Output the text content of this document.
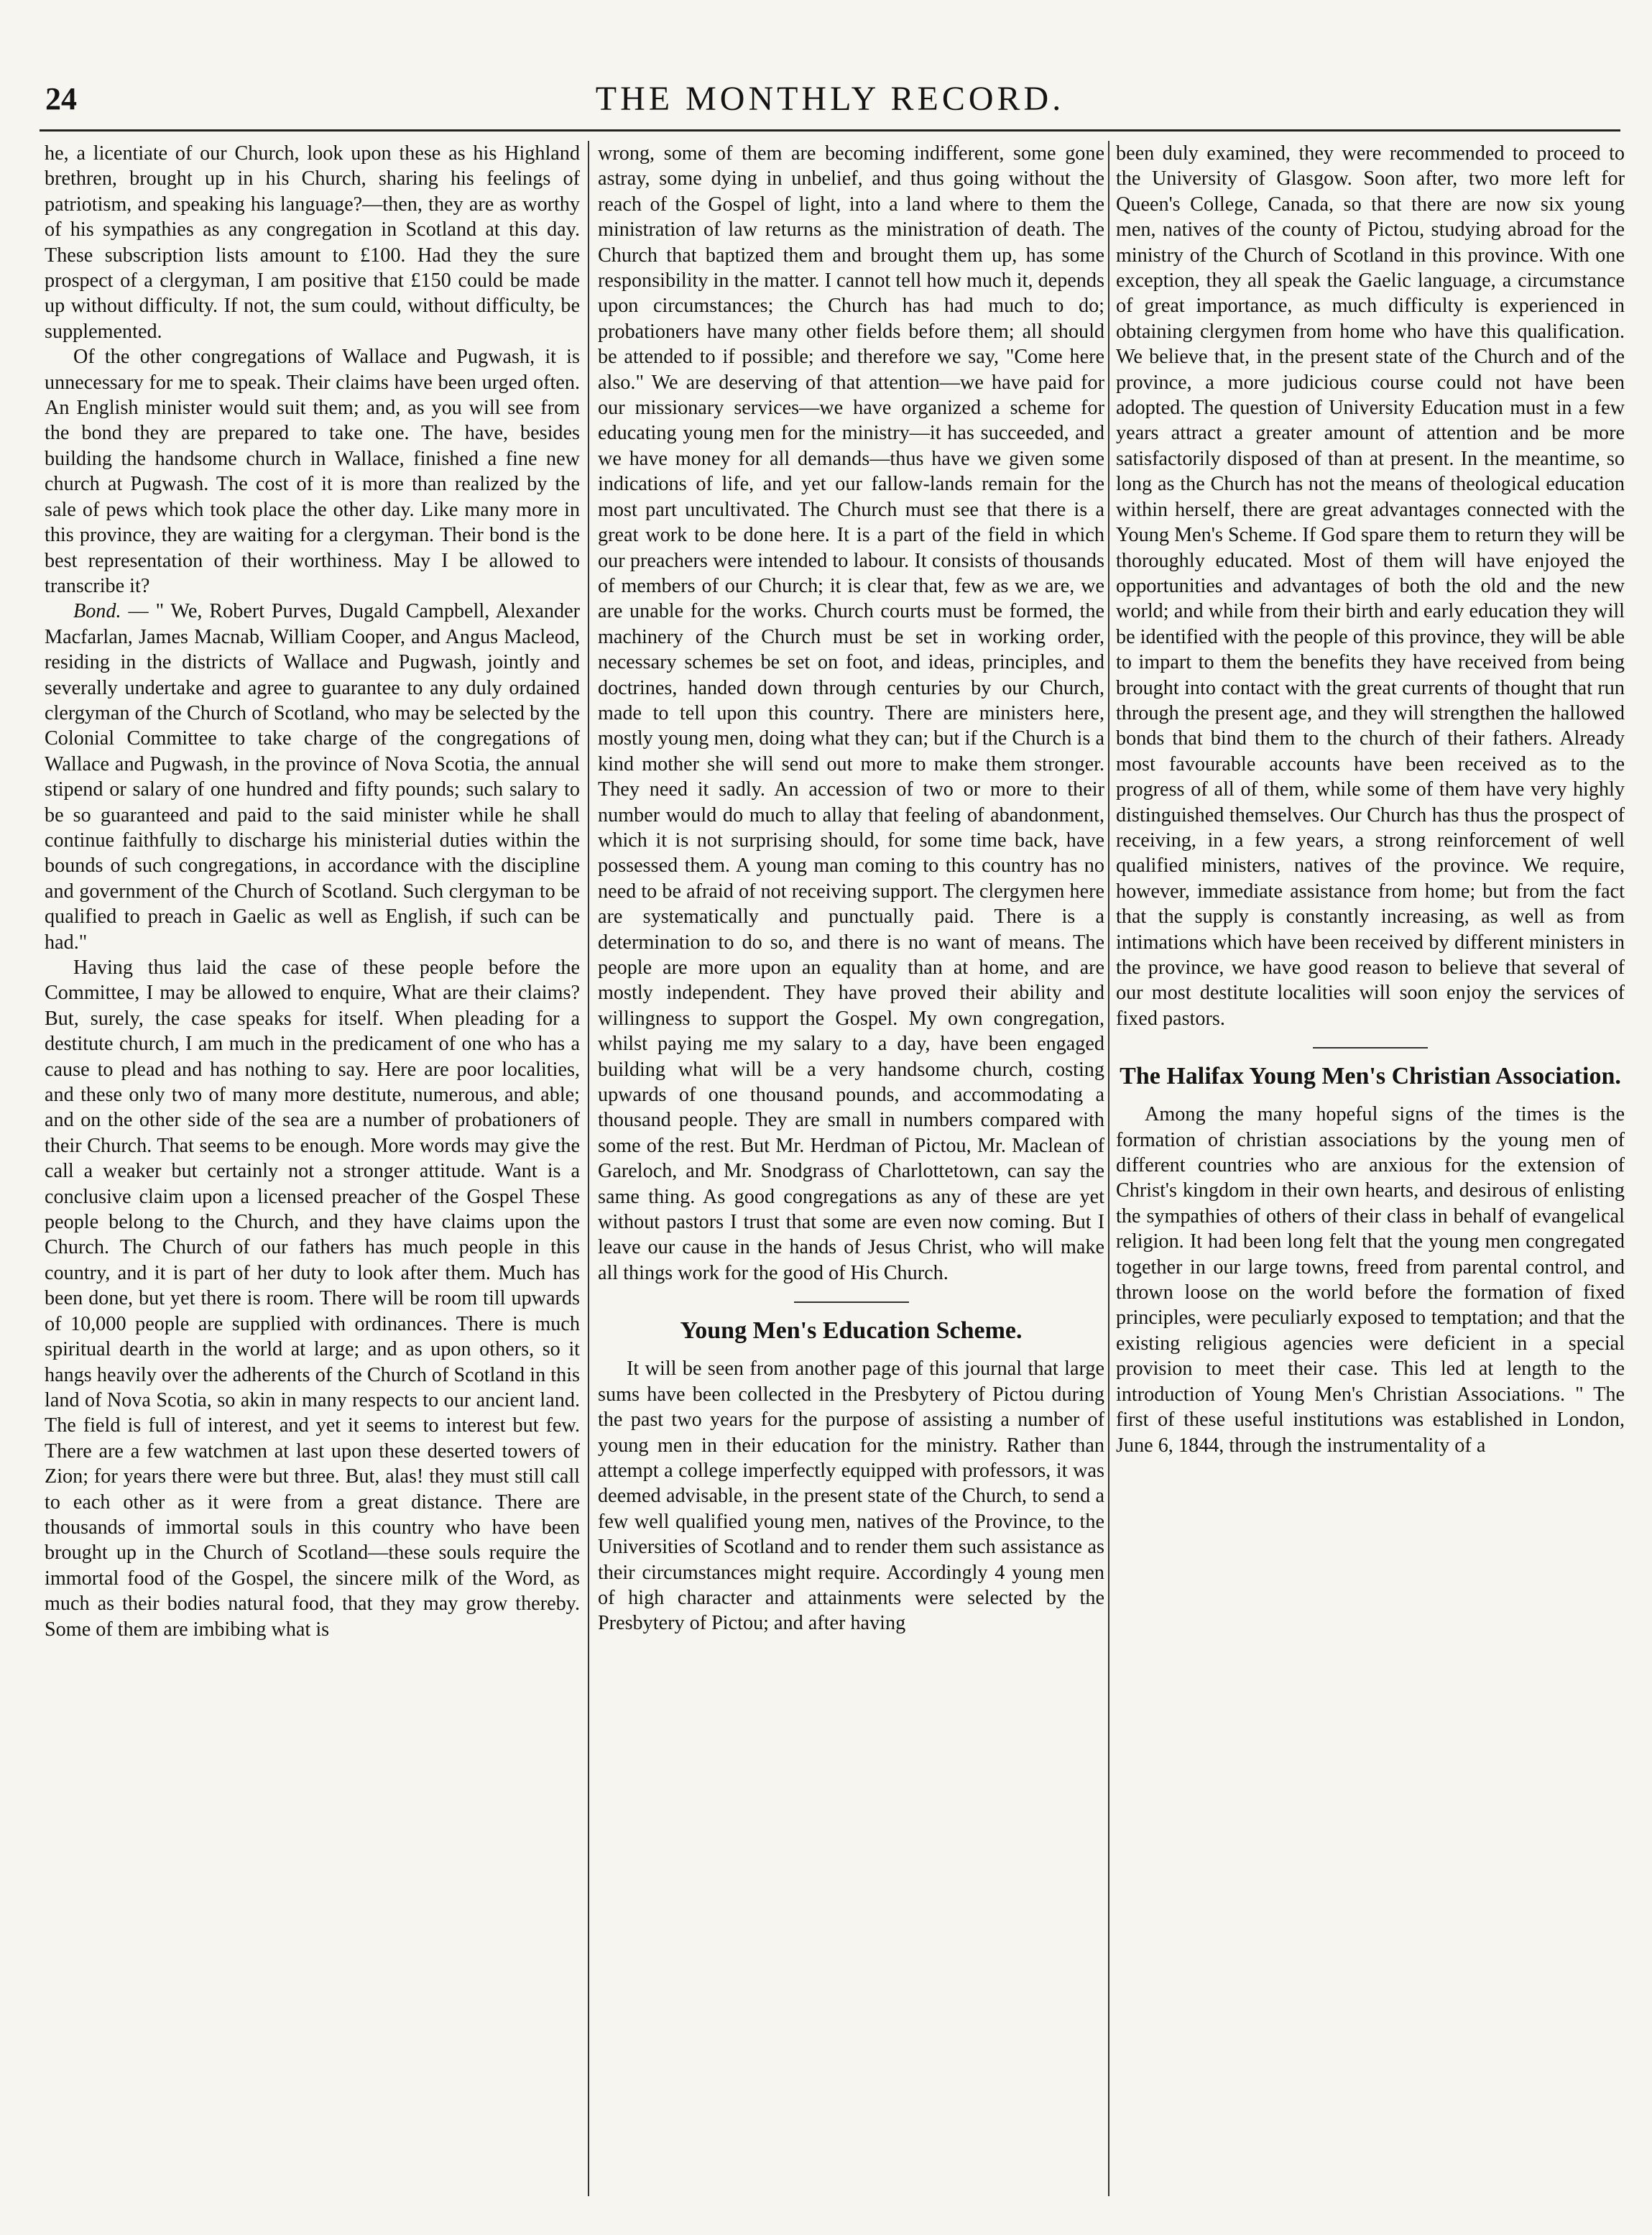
24	THE MONTHLY RECORD.

he, a licentiate of our Church, look upon these as his Highland brethren, brought up in his Church, sharing his feelings of patriotism, and speaking his language?—then, they are as worthy of his sympathies as any congregation in Scotland at this day. These subscription lists amount to £100. Had they the sure prospect of a clergyman, I am positive that £150 could be made up without difficulty. If not, the sum could, without difficulty, be supplemented.

Of the other congregations of Wallace and Pugwash, it is unnecessary for me to speak. Their claims have been urged often. An English minister would suit them; and, as you will see from the bond they are prepared to take one. The have, besides building the handsome church in Wallace, finished a fine new church at Pugwash. The cost of it is more than realized by the sale of pews which took place the other day. Like many more in this province, they are waiting for a clergyman. Their bond is the best representation of their worthiness. May I be allowed to transcribe it?

Bond. — " We, Robert Purves, Dugald Campbell, Alexander Macfarlan, James Macnab, William Cooper, and Angus Macleod, residing in the districts of Wallace and Pugwash, jointly and severally undertake and agree to guarantee to any duly ordained clergyman of the Church of Scotland, who may be selected by the Colonial Committee to take charge of the congregations of Wallace and Pugwash, in the province of Nova Scotia, the annual stipend or salary of one hundred and fifty pounds; such salary to be so guaranteed and paid to the said minister while he shall continue faithfully to discharge his ministerial duties within the bounds of such congregations, in accordance with the discipline and government of the Church of Scotland. Such clergyman to be qualified to preach in Gaelic as well as English, if such can be had."

Having thus laid the case of these people before the Committee, I may be allowed to enquire, What are their claims? But, surely, the case speaks for itself. When pleading for a destitute church, I am much in the predicament of one who has a cause to plead and has nothing to say. Here are poor localities, and these only two of many more destitute, numerous, and able; and on the other side of the sea are a number of probationers of their Church. That seems to be enough. More words may give the call a weaker but certainly not a stronger attitude. Want is a conclusive claim upon a licensed preacher of the Gospel These people belong to the Church, and they have claims upon the Church. The Church of our fathers has much people in this country, and it is part of her duty to look after them. Much has been done, but yet there is room. There will be room till upwards of 10,000 people are supplied with ordinances. There is much spiritual dearth in the world at large; and as upon others, so it hangs heavily over the adherents of the Church of Scotland in this land of Nova Scotia, so akin in many respects to our ancient land. The field is full of interest, and yet it seems to interest but few. There are a few watchmen at last upon these deserted towers of Zion; for years there were but three. But, alas! they must still call to each other as it were from a great distance. There are thousands of immortal souls in this country who have been brought up in the Church of Scotland—these souls require the immortal food of the Gospel, the sincere milk of the Word, as much as their bodies natural food, that they may grow thereby. Some of them are imbibing what is

wrong, some of them are becoming indifferent, some gone astray, some dying in unbelief, and thus going without the reach of the Gospel of light, into a land where to them the ministration of law returns as the ministration of death. The Church that baptized them and brought them up, has some responsibility in the matter. I cannot tell how much it, depends upon circumstances; the Church has had much to do; probationers have many other fields before them; all should be attended to if possible; and therefore we say, "Come here also." We are deserving of that attention—we have paid for our missionary services—we have organized a scheme for educating young men for the ministry—it has succeeded, and we have money for all demands—thus have we given some indications of life, and yet our fallow-lands remain for the most part uncultivated. The Church must see that there is a great work to be done here. It is a part of the field in which our preachers were intended to labour. It consists of thousands of members of our Church; it is clear that, few as we are, we are unable for the works. Church courts must be formed, the machinery of the Church must be set in working order, necessary schemes be set on foot, and ideas, principles, and doctrines, handed down through centuries by our Church, made to tell upon this country. There are ministers here, mostly young men, doing what they can; but if the Church is a kind mother she will send out more to make them stronger. They need it sadly. An accession of two or more to their number would do much to allay that feeling of abandonment, which it is not surprising should, for some time back, have possessed them. A young man coming to this country has no need to be afraid of not receiving support. The clergymen here are systematically and punctually paid. There is a determination to do so, and there is no want of means. The people are more upon an equality than at home, and are mostly independent. They have proved their ability and willingness to support the Gospel. My own congregation, whilst paying me my salary to a day, have been engaged building what will be a very handsome church, costing upwards of one thousand pounds, and accommodating a thousand people. They are small in numbers compared with some of the rest. But Mr. Herdman of Pictou, Mr. Maclean of Gareloch, and Mr. Snodgrass of Charlottetown, can say the same thing. As good congregations as any of these are yet without pastors I trust that some are even now coming. But I leave our cause in the hands of Jesus Christ, who will make all things work for the good of His Church.

Young Men's Education Scheme.

It will be seen from another page of this journal that large sums have been collected in the Presbytery of Pictou during the past two years for the purpose of assisting a number of young men in their education for the ministry. Rather than attempt a college imperfectly equipped with professors, it was deemed advisable, in the present state of the Church, to send a few well qualified young men, natives of the Province, to the Universities of Scotland and to render them such assistance as their circumstances might require. Accordingly 4 young men of high character and attainments were selected by the Presbytery of Pictou; and after having

been duly examined, they were recommended to proceed to the University of Glasgow. Soon after, two more left for Queen's College, Canada, so that there are now six young men, natives of the county of Pictou, studying abroad for the ministry of the Church of Scotland in this province. With one exception, they all speak the Gaelic language, a circumstance of great importance, as much difficulty is experienced in obtaining clergymen from home who have this qualification. We believe that, in the present state of the Church and of the province, a more judicious course could not have been adopted. The question of University Education must in a few years attract a greater amount of attention and be more satisfactorily disposed of than at present. In the meantime, so long as the Church has not the means of theological education within herself, there are great advantages connected with the Young Men's Scheme. If God spare them to return they will be thoroughly educated. Most of them will have enjoyed the opportunities and advantages of both the old and the new world; and while from their birth and early education they will be identified with the people of this province, they will be able to impart to them the benefits they have received from being brought into contact with the great currents of thought that run through the present age, and they will strengthen the hallowed bonds that bind them to the church of their fathers. Already most favourable accounts have been received as to the progress of all of them, while some of them have very highly distinguished themselves. Our Church has thus the prospect of receiving, in a few years, a strong reinforcement of well qualified ministers, natives of the province. We require, however, immediate assistance from home; but from the fact that the supply is constantly increasing, as well as from intimations which have been received by different ministers in the province, we have good reason to believe that several of our most destitute localities will soon enjoy the services of fixed pastors.

The Halifax Young Men's Christian Association.

Among the many hopeful signs of the times is the formation of christian associations by the young men of different countries who are anxious for the extension of Christ's kingdom in their own hearts, and desirous of enlisting the sympathies of others of their class in behalf of evangelical religion. It had been long felt that the young men congregated together in our large towns, freed from parental control, and thrown loose on the world before the formation of fixed principles, were peculiarly exposed to temptation; and that the existing religious agencies were deficient in a special provision to meet their case. This led at length to the introduction of Young Men's Christian Associations. " The first of these useful institutions was established in London, June 6, 1844, through the instrumentality of a
